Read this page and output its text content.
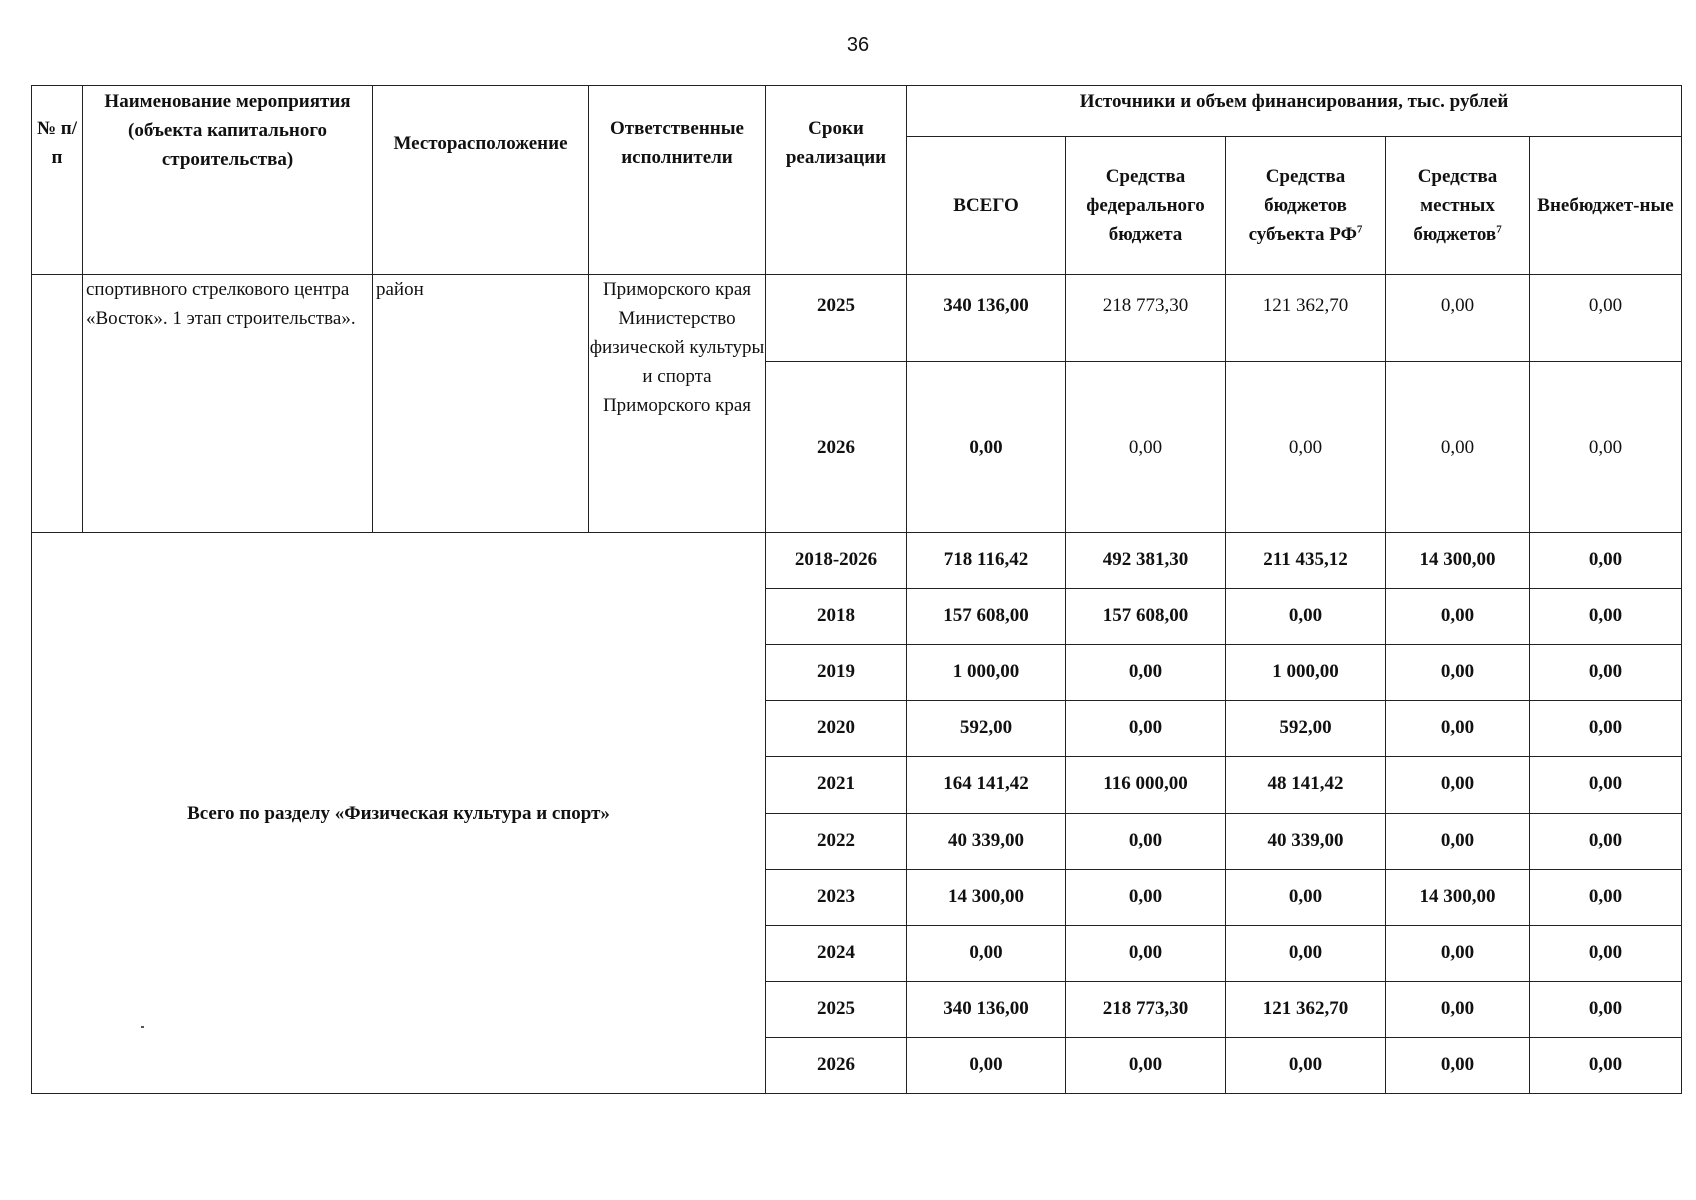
36
№ п/п	Наименование мероприятия (объекта капитального строительства)	Месторасположение	Ответственные исполнители	Сроки реализации	Источники и объем финансирования, тыс. рублей				
					ВСЕГО	Средства федерального бюджета	Средства бюджетов субъекта $РФ^7$	Средства местных бюджетов$^7$	Внебюджет-ные
	спортивного стрелкового центра «Восток». 1 этап строительства».	район	Приморского края Министерство физической культуры и спорта Приморского края	2025	340 136,00	218 773,30	121 362,70	0,00	0,00
				2026	0,00	0,00	0,00	0,00	0,00
Всего по разделу «Физическая культура и спорт»				2018-2026	718 116,42	492 381,30	211 435,12	14 300,00	0,00
				2018	157 608,00	157 608,00	0,00	0,00	0,00
				2019	1 000,00	0,00	1 000,00	0,00	0,00
				2020	592,00	0,00	592,00	0,00	0,00
				2021	164 141,42	116 000,00	48 141,42	0,00	0,00
				2022	40 339,00	0,00	40 339,00	0,00	0,00
				2023	14 300,00	0,00	0,00	14 300,00	0,00
				2024	0,00	0,00	0,00	0,00	0,00
				2025	340 136,00	218 773,30	121 362,70	0,00	0,00
				2026	0,00	0,00	0,00	0,00	0,00
